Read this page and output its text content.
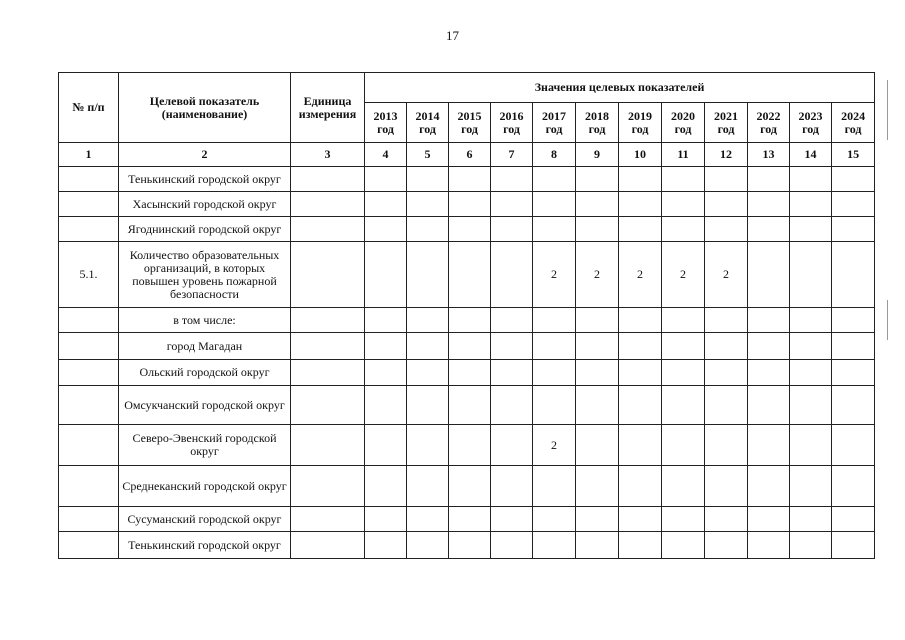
17
№ п/п	Целевой показатель (наименование)	Единица измерения	Значения целевых показателей											
			2013 год	2014 год	2015 год	2016 год	2017 год	2018 год	2019 год	2020 год	2021 год	2022 год	2023 год	2024 год
1	2	3	4	5	6	7	8	9	10	11	12	13	14	15
	Тенькинский городской округ													
	Хасынский городской округ													
	Ягоднинский городской округ													
5.1.	Количество образовательных организаций, в которых повышен уровень пожарной безопасности						2	2	2	2	2			
	в том числе:													
	город Магадан													
	Ольский городской округ													
	Омсукчанский городской округ													
	Северо-Эвенский городской округ						2							
	Среднеканский городской округ													
	Сусуманский городской округ													
	Тенькинский городской округ													
